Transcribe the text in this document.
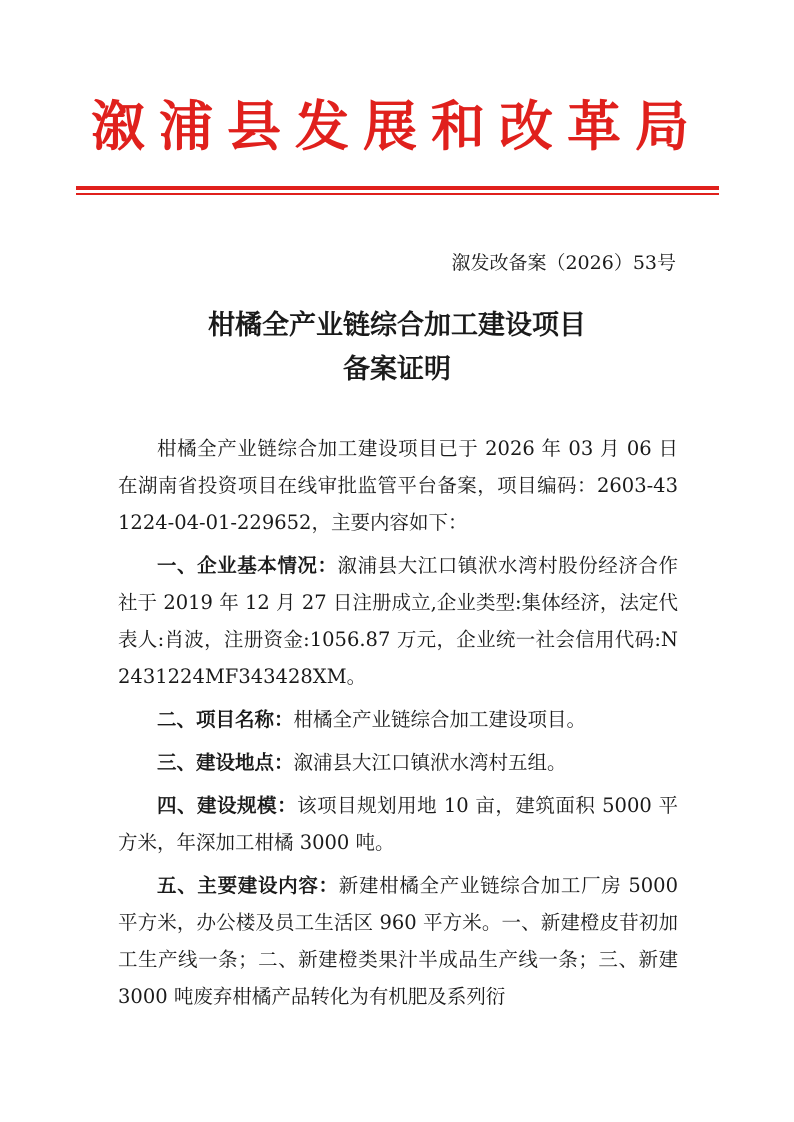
溆浦县发展和改革局
溆发改备案（2026）53号
柑橘全产业链综合加工建设项目
备案证明

柑橘全产业链综合加工建设项目已于 2026 年 03 月 06 日在湖南省投资项目在线审批监管平台备案，项目编码：2603-431224-04-01-229652，主要内容如下：

一、企业基本情况：溆浦县大江口镇洑水湾村股份经济合作社于 2019 年 12 月 27 日注册成立,企业类型:集体经济，法定代表人:肖波，注册资金:1056.87 万元，企业统一社会信用代码:N2431224MF343428XM。

二、项目名称：柑橘全产业链综合加工建设项目。

三、建设地点：溆浦县大江口镇洑水湾村五组。

四、建设规模：该项目规划用地 10 亩，建筑面积 5000 平方米，年深加工柑橘 3000 吨。

五、主要建设内容：新建柑橘全产业链综合加工厂房 5000 平方米，办公楼及员工生活区 960 平方米。一、新建橙皮苷初加工生产线一条；二、新建橙类果汁半成品生产线一条；三、新建 3000 吨废弃柑橘产品转化为有机肥及系列衍
